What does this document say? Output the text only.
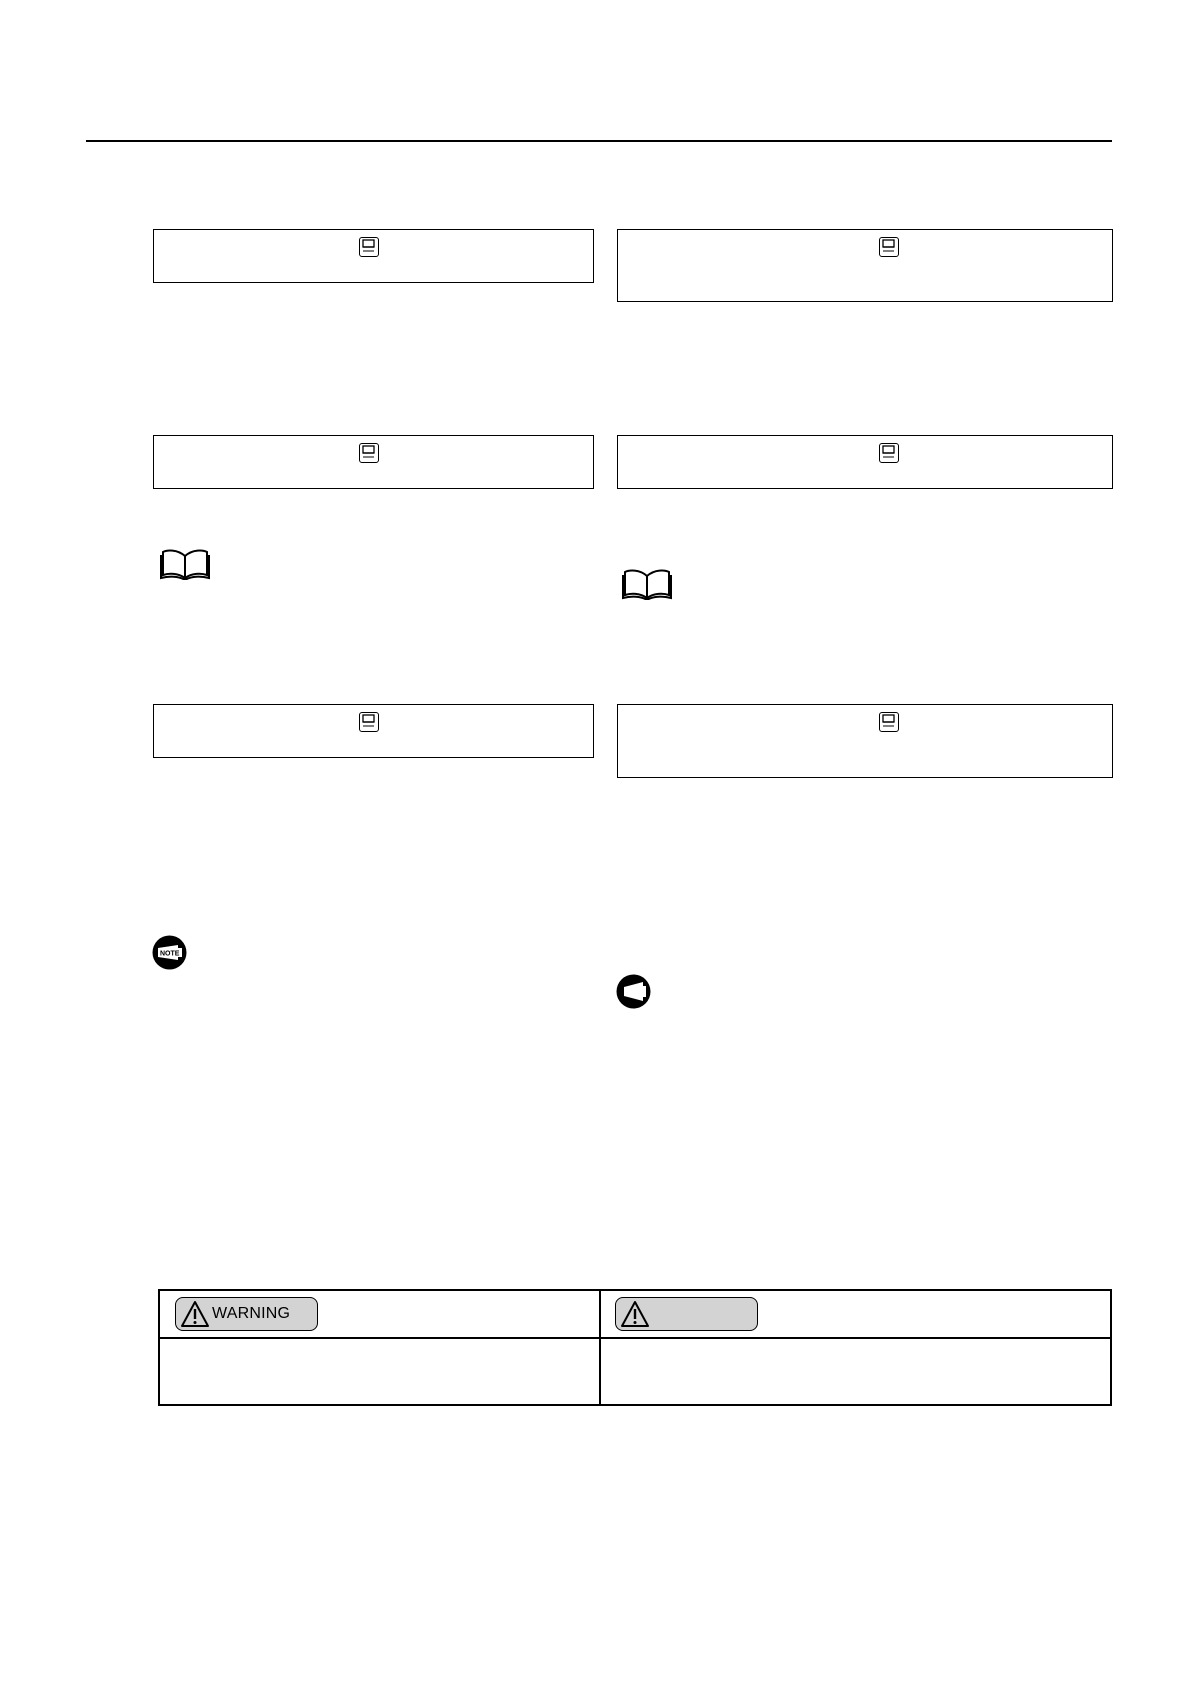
NOTE
WARNING
